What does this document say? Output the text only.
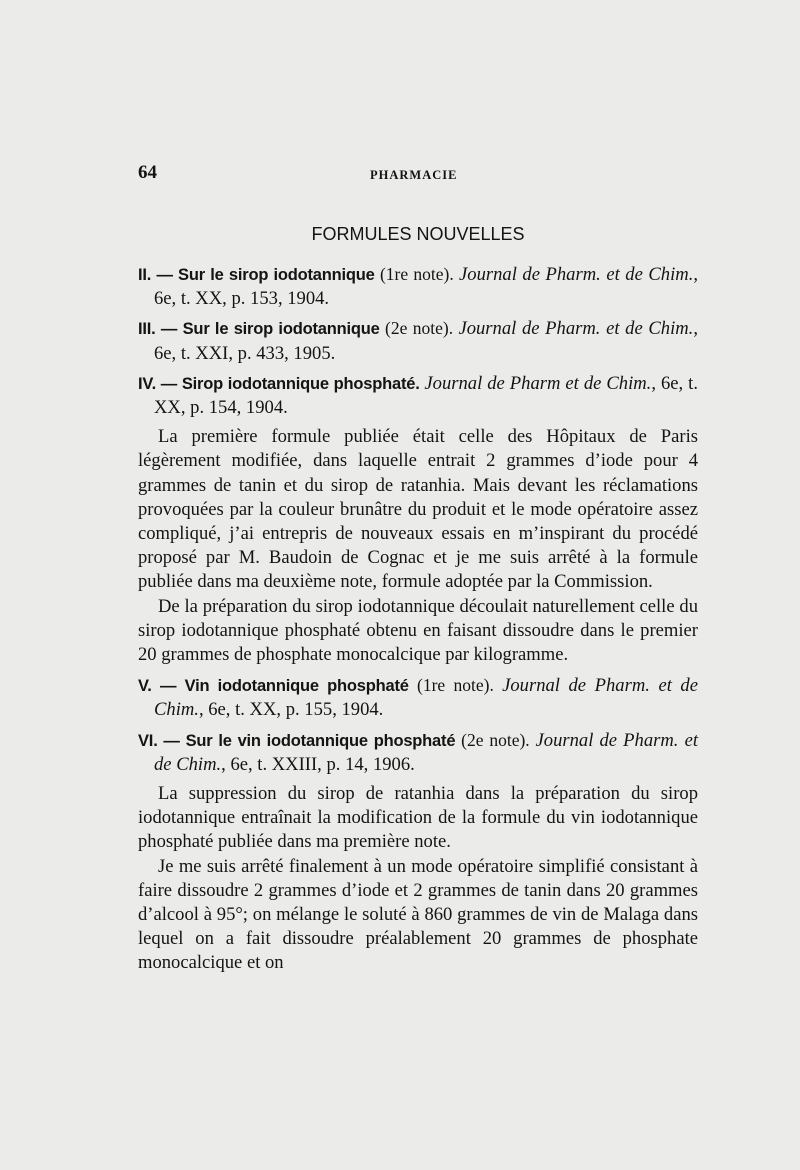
64	PHARMACIE
FORMULES NOUVELLES

II. — Sur le sirop iodotannique (1re note). Journal de Pharm. et de Chim., 6e, t. XX, p. 153, 1904.

III. — Sur le sirop iodotannique (2e note). Journal de Pharm. et de Chim., 6e, t. XXI, p. 433, 1905.

IV. — Sirop iodotannique phosphaté. Journal de Pharm et de Chim., 6e, t. XX, p. 154, 1904.

La première formule publiée était celle des Hôpitaux de Paris légèrement modifiée, dans laquelle entrait 2 grammes d’iode pour 4 grammes de tanin et du sirop de ratanhia. Mais devant les réclamations provoquées par la couleur brunâtre du produit et le mode opératoire assez compliqué, j’ai entrepris de nouveaux essais en m’inspirant du procédé proposé par M. Baudoin de Cognac et je me suis arrêté à la formule publiée dans ma deuxième note, formule adoptée par la Commission.

De la préparation du sirop iodotannique découlait naturellement celle du sirop iodotannique phosphaté obtenu en faisant dissoudre dans le premier 20 grammes de phosphate monocalcique par kilogramme.

V. — Vin iodotannique phosphaté (1re note). Journal de Pharm. et de Chim., 6e, t. XX, p. 155, 1904.

VI. — Sur le vin iodotannique phosphaté (2e note). Journal de Pharm. et de Chim., 6e, t. XXIII, p. 14, 1906.

La suppression du sirop de ratanhia dans la préparation du sirop iodotannique entraînait la modification de la formule du vin iodotannique phosphaté publiée dans ma première note.

Je me suis arrêté finalement à un mode opératoire simplifié consistant à faire dissoudre 2 grammes d’iode et 2 grammes de tanin dans 20 grammes d’alcool à 95°; on mélange le soluté à 860 grammes de vin de Malaga dans lequel on a fait dissoudre préalablement 20 grammes de phosphate monocalcique et on
